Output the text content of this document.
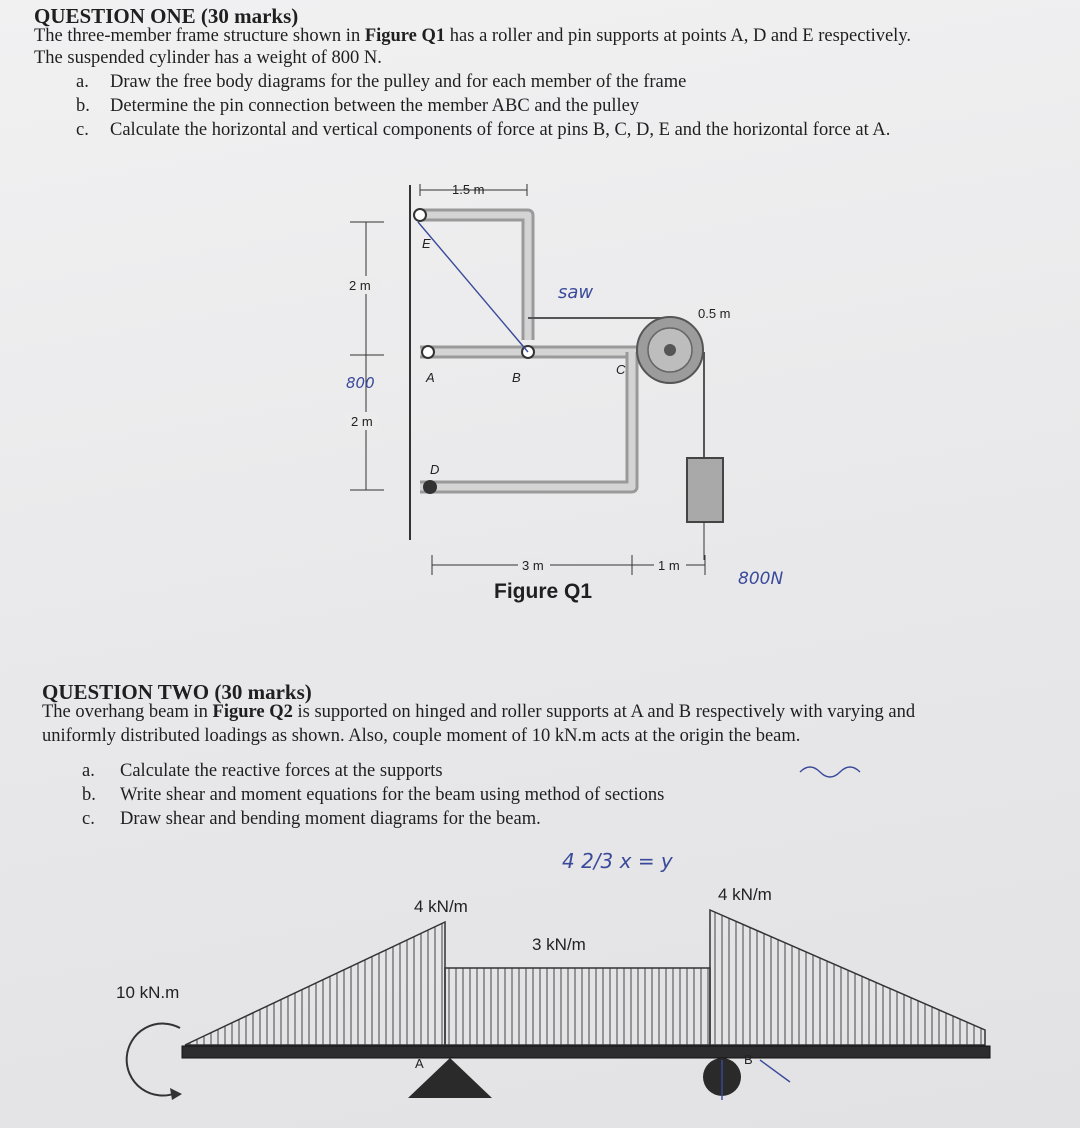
QUESTION ONE (30 marks)
The three-member frame structure shown in Figure Q1 has a roller and pin supports at points A, D and E respectively.
The suspended cylinder has a weight of 800 N.
a. Draw the free body diagrams for the pulley and for each member of the frame
b. Determine the pin connection between the member ABC and the pulley
c. Calculate the horizontal and vertical components of force at pins B, C, D, E and the horizontal force at A.
1.5 m
2 m
2 m
0.5 m
E
A	B
C
D
3 m	1 m
saw
800
800N
Figure Q1
QUESTION TWO (30 marks)
The overhang beam in Figure Q2 is supported on hinged and roller supports at A and B respectively with varying and
uniformly distributed loadings as shown. Also, couple moment of 10 kN.m acts at the origin the beam.
a. Calculate the reactive forces at the supports
b. Write shear and moment equations for the beam using method of sections
c. Draw shear and bending moment diagrams for the beam.
A	B
10 kN.m
4 kN/m
3 kN/m
4 kN/m
4 2/3 x = y
